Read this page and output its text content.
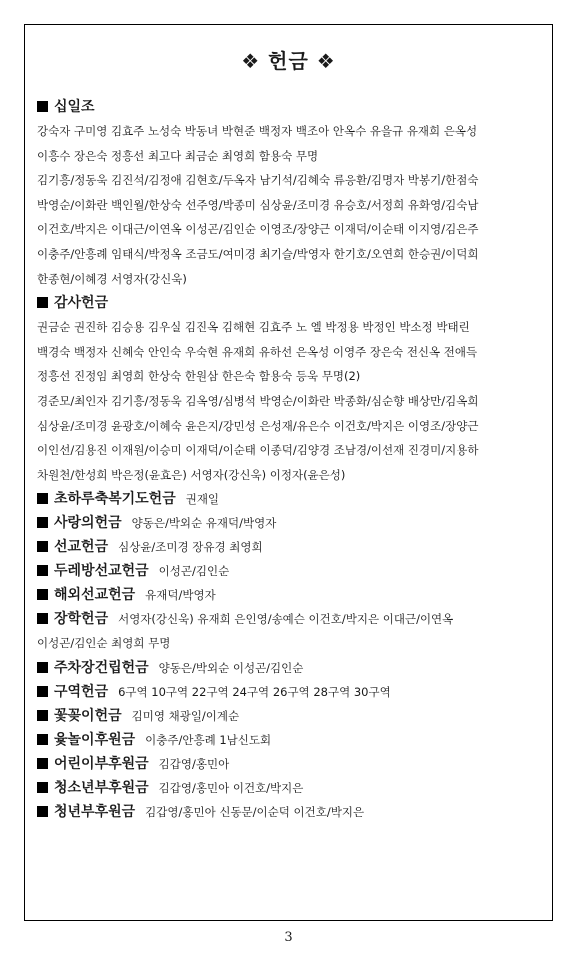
❖ 헌금 ❖
십일조
강숙자 구미영 김효주 노성숙 박동녀 박현준 백정자 백조아 안옥수 유을규 유재희 은옥성
이흥수 장은숙 정흥선 최고다 최금순 최영희 함용숙 무명
김기흥/정동욱 김진석/김정애 김현호/두옥자 남기석/김혜숙 류응환/김명자 박봉기/한점숙
박영순/이화란 백인월/한상숙 선주영/박종미 심상윤/조미경 유승호/서정희 유화영/김숙남
이건호/박지은 이대근/이연옥 이성곤/김인순 이영조/장양근 이재덕/이순태 이지영/김은주
이충주/안흥례 임태식/박정옥 조금도/여미경 최기슬/박영자 한기호/오연희 한승권/이덕희
한종현/이혜경 서영자(강신욱)
감사헌금
권금순 권진하 김승용 김우실 김진옥 김해현 김효주 노 엘 박정용 박정인 박소정 박태린
백경숙 백정자 신혜숙 안인숙 우숙현 유재희 유하선 은옥성 이영주 장은숙 전신옥 전애득
정흥선 진정임 최영희 한상숙 한원삼 한은숙 함용숙 등욱 무명(2)
경준모/최인자 김기흥/정동욱 김옥영/심병석 박영순/이화란 박종화/심순향 배상만/김옥희
심상윤/조미경 윤광호/이혜숙 윤은지/강민성 은성재/유은수 이건호/박지은 이영조/장양근
이인선/김용진 이재원/이승미 이재덕/이순태 이종덕/김양경 조남경/이선재 진경미/지용하
차원천/한성희 박은정(윤효은) 서영자(강신욱) 이정자(윤은성)
초하루축복기도헌금 권재일
사랑의헌금 양동은/박외순 유재덕/박영자
선교헌금 심상윤/조미경 장유경 최영희
두레방선교헌금 이성곤/김인순
해외선교헌금 유재덕/박영자
장학헌금 서영자(강신욱) 유재희 은인영/송예슨 이건호/박지은 이대근/이연옥
이성곤/김인순 최영희 무명
주차장건립헌금 양동은/박외순 이성곤/김인순
구역헌금 6구역 10구역 22구역 24구역 26구역 28구역 30구역
꽃꽂이헌금 김미영 채광일/이계순
윷놀이후원금 이충주/안흥례 1남신도회
어린이부후원금 김갑영/홍민아
청소년부후원금 김갑영/홍민아 이건호/박지은
청년부후원금 김갑영/홍민아 신동문/이순덕 이건호/박지은
3
